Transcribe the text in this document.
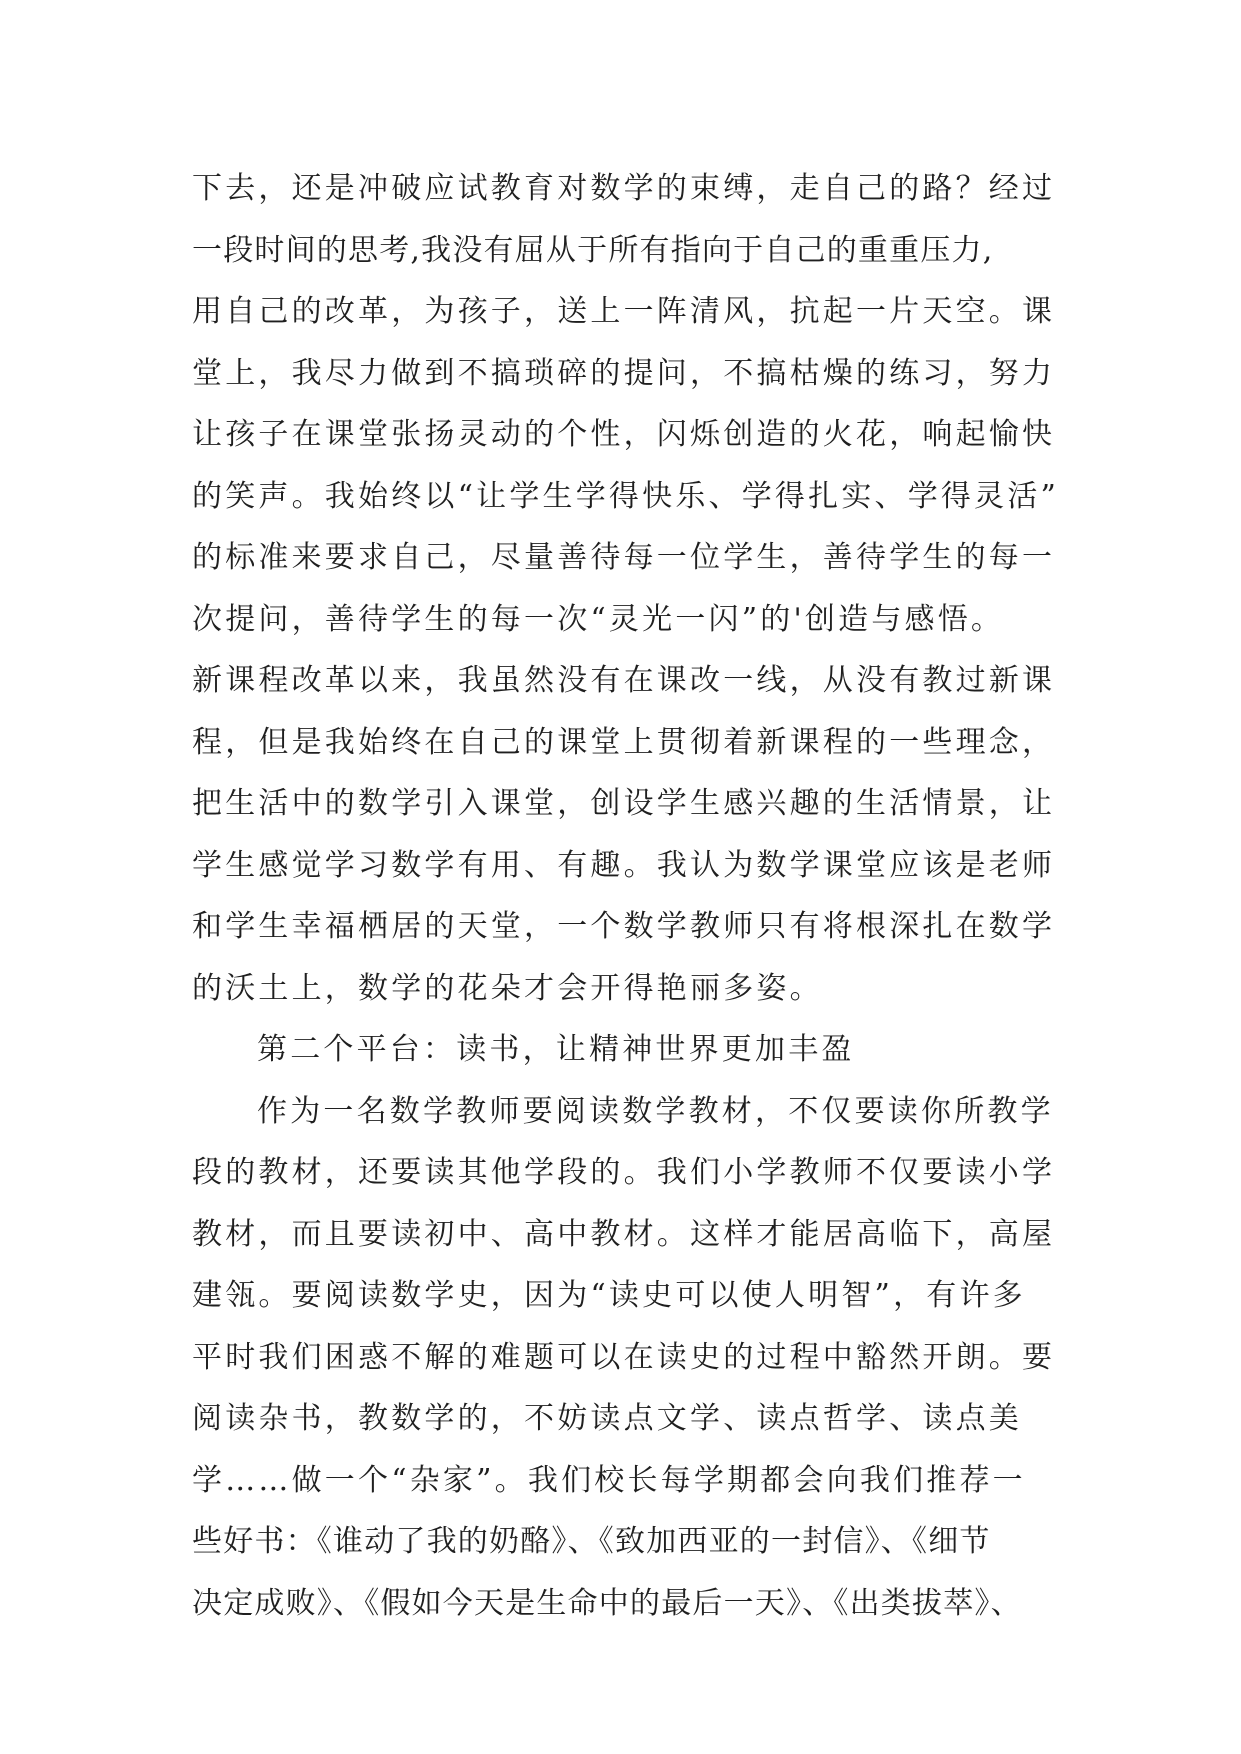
下去，还是冲破应试教育对数学的束缚，走自己的路？经过
一段时间的思考,我没有屈从于所有指向于自己的重重压力,
用自己的改革，为孩子，送上一阵清风，抗起一片天空。课
堂上，我尽力做到不搞琐碎的提问，不搞枯燥的练习，努力
让孩子在课堂张扬灵动的个性，闪烁创造的火花，响起愉快
的笑声。我始终以“让学生学得快乐、学得扎实、学得灵活”
的标准来要求自己，尽量善待每一位学生，善待学生的每一
次提问，善待学生的每一次“灵光一闪”的'创造与感悟。
新课程改革以来，我虽然没有在课改一线，从没有教过新课
程，但是我始终在自己的课堂上贯彻着新课程的一些理念，
把生活中的数学引入课堂，创设学生感兴趣的生活情景，让
学生感觉学习数学有用、有趣。我认为数学课堂应该是老师
和学生幸福栖居的天堂，一个数学教师只有将根深扎在数学
的沃土上，数学的花朵才会开得艳丽多姿。
第二个平台：读书，让精神世界更加丰盈
作为一名数学教师要阅读数学教材，不仅要读你所教学
段的教材，还要读其他学段的。我们小学教师不仅要读小学
教材，而且要读初中、高中教材。这样才能居高临下，高屋
建瓴。要阅读数学史，因为“读史可以使人明智”，有许多
平时我们困惑不解的难题可以在读史的过程中豁然开朗。要
阅读杂书，教数学的，不妨读点文学、读点哲学、读点美
学……做一个“杂家”。我们校长每学期都会向我们推荐一
些好书：《谁动了我的奶酪》、《致加西亚的一封信》、《细节
决定成败》、《假如今天是生命中的最后一天》、《出类拔萃》、
